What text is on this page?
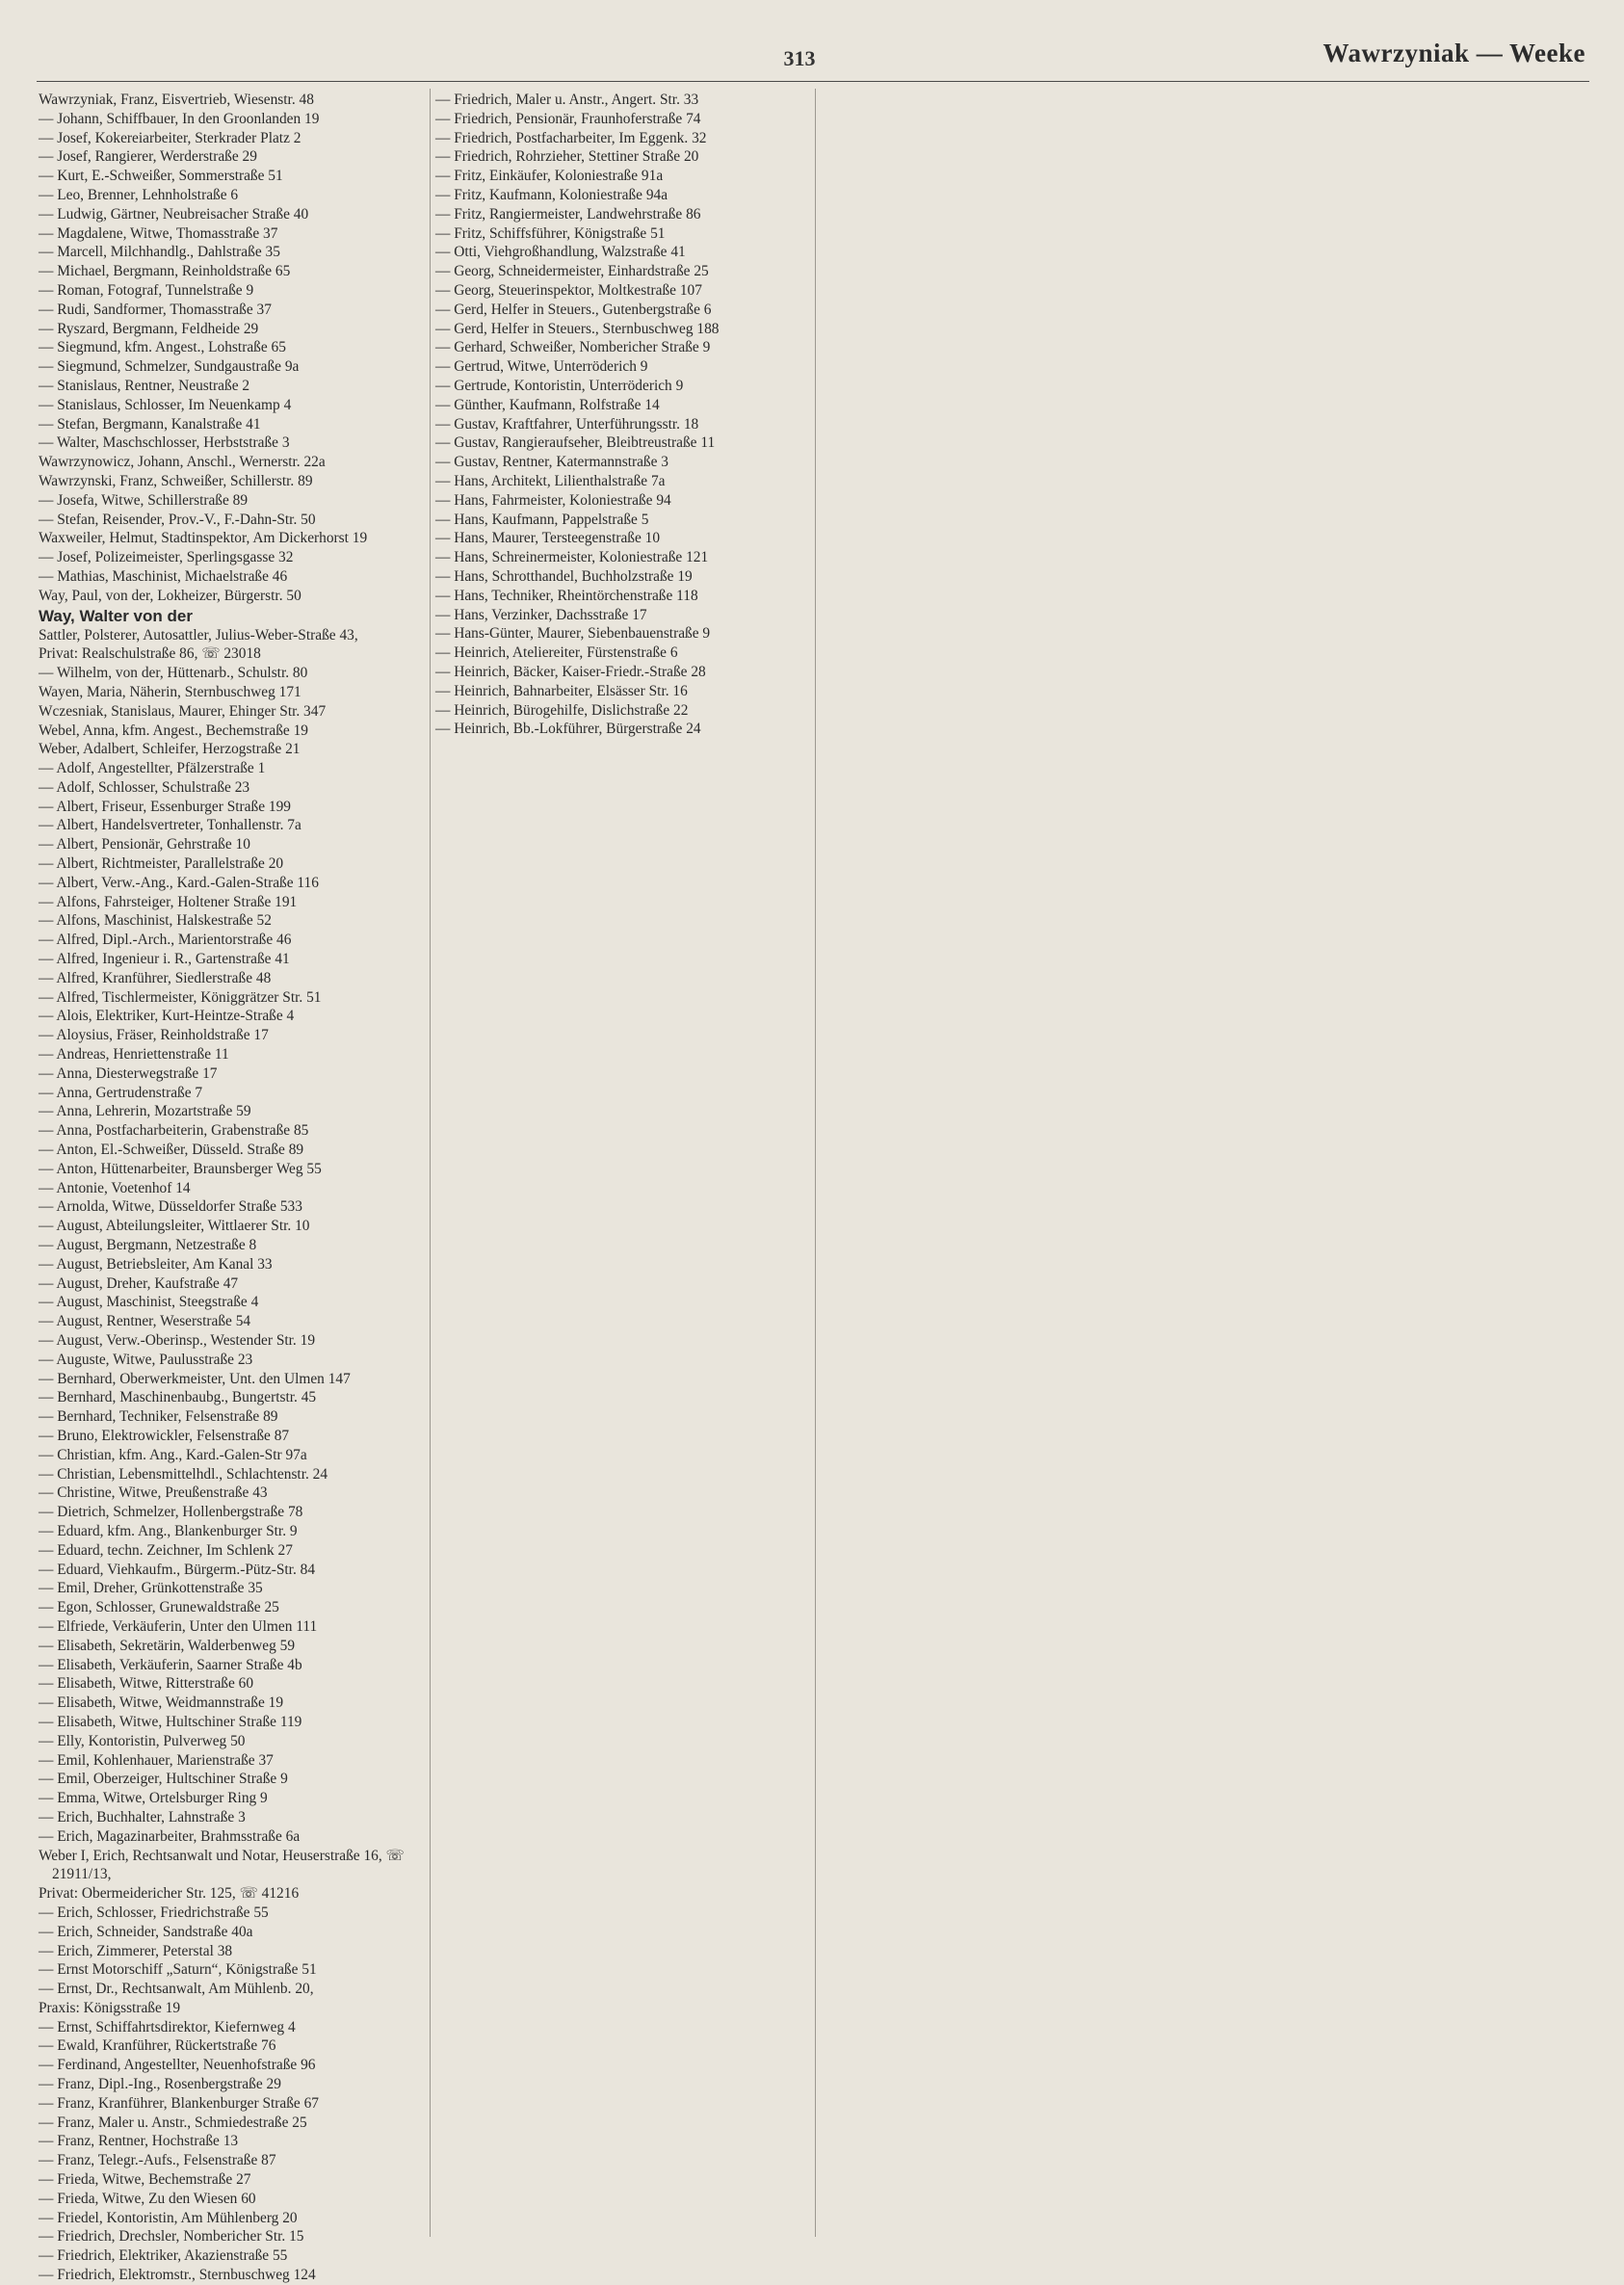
313	Wawrzyniak — Weeke
Wawrzyniak, Franz, Eisvertrieb, Wiesenstr. 48
— Johann, Schiffbauer, In den Groonlanden 19
— Josef, Kokereiarbeiter, Sterkrader Platz 2
— Josef, Rangierer, Werderstraße 29
— Kurt, E.-Schweißer, Sommerstraße 51
— Leo, Brenner, Lehnholstraße 6
— Ludwig, Gärtner, Neubreisacher Straße 40
— Magdalene, Witwe, Thomasstraße 37
— Marcell, Milchhandlg., Dahlstraße 35
— Michael, Bergmann, Reinholdstraße 65
— Roman, Fotograf, Tunnelstraße 9
— Rudi, Sandformer, Thomasstraße 37
— Ryszard, Bergmann, Feldheide 29
— Siegmund, kfm. Angest., Lohstraße 65
— Siegmund, Schmelzer, Sundgaustraße 9a
— Stanislaus, Rentner, Neustraße 2
— Stanislaus, Schlosser, Im Neuenkamp 4
— Stefan, Bergmann, Kanalstraße 41
— Walter, Maschschlosser, Herbststraße 3
Wawrzynowicz, Johann, Anschl., Wernerstr. 22a
Wawrzynski, Franz, Schweißer, Schillerstr. 89
— Josefa, Witwe, Schillerstraße 89
— Stefan, Reisender, Prov.-V., F.-Dahn-Str. 50
Waxweiler, Helmut, Stadtinspektor, Am Dickerhorst 19
— Josef, Polizeimeister, Sperlingsgasse 32
— Mathias, Maschinist, Michaelstraße 46
Way, Paul, von der, Lokheizer, Bürgerstr. 50
Way, Walter von der
Sattler, Polsterer, Autosattler, Julius-Weber-Straße 43,
Privat: Realschulstraße 86, ☏ 23018
— Wilhelm, von der, Hüttenarb., Schulstr. 80
Wayen, Maria, Näherin, Sternbuschweg 171
Wczesniak, Stanislaus, Maurer, Ehinger Str. 347
Webel, Anna, kfm. Angest., Bechemstraße 19
Weber, Adalbert, Schleifer, Herzogstraße 21
— Adolf, Angestellter, Pfälzerstraße 1
— Adolf, Schlosser, Schulstraße 23
— Albert, Friseur, Essenburger Straße 199
— Albert, Handelsvertreter, Tonhallenstr. 7a
— Albert, Pensionär, Gehrstraße 10
— Albert, Richtmeister, Parallelstraße 20
— Albert, Verw.-Ang., Kard.-Galen-Straße 116
— Alfons, Fahrsteiger, Holtener Straße 191
— Alfons, Maschinist, Halskestraße 52
— Alfred, Dipl.-Arch., Marientorstraße 46
— Alfred, Ingenieur i. R., Gartenstraße 41
— Alfred, Kranführer, Siedlerstraße 48
— Alfred, Tischlermeister, Königgrätzer Str. 51
— Alois, Elektriker, Kurt-Heintze-Straße 4
— Aloysius, Fräser, Reinholdstraße 17
— Andreas, Henriettenstraße 11
— Anna, Diesterwegstraße 17
— Anna, Gertrudenstraße 7
— Anna, Lehrerin, Mozartstraße 59
— Anna, Postfacharbeiterin, Grabenstraße 85
— Anton, El.-Schweißer, Düsseld. Straße 89
— Anton, Hüttenarbeiter, Braunsberger Weg 55
— Antonie, Voetenhof 14
— Arnolda, Witwe, Düsseldorfer Straße 533
— August, Abteilungsleiter, Wittlaerer Str. 10
— August, Bergmann, Netzestraße 8
— August, Betriebsleiter, Am Kanal 33
— August, Dreher, Kaufstraße 47
— August, Maschinist, Steegstraße 4
— August, Rentner, Weserstraße 54
— August, Verw.-Oberinsp., Westender Str. 19
— Auguste, Witwe, Paulusstraße 23
— Bernhard, Oberwerkmeister, Unt. den Ulmen 147
— Bernhard, Maschinenbaubg., Bungertstr. 45
— Bernhard, Techniker, Felsenstraße 89
— Bruno, Elektrowickler, Felsenstraße 87
— Christian, kfm. Ang., Kard.-Galen-Str 97a
— Christian, Lebensmittelhdl., Schlachtenstr. 24
— Christine, Witwe, Preußenstraße 43
— Dietrich, Schmelzer, Hollenbergstraße 78
— Eduard, kfm. Ang., Blankenburger Str. 9
— Eduard, techn. Zeichner, Im Schlenk 27
— Eduard, Viehkaufm., Bürgerm.-Pütz-Str. 84
— Emil, Dreher, Grünkottenstraße 35
— Egon, Schlosser, Grunewaldstraße 25
— Elfriede, Verkäuferin, Unter den Ulmen 111
— Elisabeth, Sekretärin, Walderbenweg 59
— Elisabeth, Verkäuferin, Saarner Straße 4b
— Elisabeth, Witwe, Ritterstraße 60
— Elisabeth, Witwe, Weidmannstraße 19
— Elisabeth, Witwe, Hultschiner Straße 119
— Elly, Kontoristin, Pulverweg 50
— Emil, Kohlenhauer, Marienstraße 37
— Emil, Oberzeiger, Hultschiner Straße 9
— Emma, Witwe, Ortelsburger Ring 9
— Erich, Buchhalter, Lahnstraße 3
— Erich, Magazinarbeiter, Brahmsstraße 6a
Weber I, Erich, Rechtsanwalt und Notar, Heuserstraße 16, ☏ 21911/13,
Privat: Obermeidericher Str. 125, ☏ 41216
— Erich, Schlosser, Friedrichstraße 55
— Erich, Schneider, Sandstraße 40a
— Erich, Zimmerer, Peterstal 38
— Ernst Motorschiff „Saturn“, Königstraße 51
— Ernst, Dr., Rechtsanwalt, Am Mühlenb. 20,
Praxis: Königsstraße 19
— Ernst, Schiffahrtsdirektor, Kiefernweg 4
— Ewald, Kranführer, Rückertstraße 76
— Ferdinand, Angestellter, Neuenhofstraße 96
— Franz, Dipl.-Ing., Rosenbergstraße 29
— Franz, Kranführer, Blankenburger Straße 67
— Franz, Maler u. Anstr., Schmiedestraße 25
— Franz, Rentner, Hochstraße 13
— Franz, Telegr.-Aufs., Felsenstraße 87
— Frieda, Witwe, Bechemstraße 27
— Frieda, Witwe, Zu den Wiesen 60
— Friedel, Kontoristin, Am Mühlenberg 20
— Friedrich, Drechsler, Nombericher Str. 15
— Friedrich, Elektriker, Akazienstraße 55
— Friedrich, Elektromstr., Sternbuschweg 124
— Friedrich, Maler u. Anstr., Angert. Str. 33
— Friedrich, Pensionär, Fraunhoferstraße 74
— Friedrich, Postfacharbeiter, Im Eggenk. 32
— Friedrich, Rohrzieher, Stettiner Straße 20
— Fritz, Einkäufer, Koloniestraße 91a
— Fritz, Kaufmann, Koloniestraße 94a
— Fritz, Rangiermeister, Landwehrstraße 86
— Fritz, Schiffsführer, Königstraße 51
— Otti, Viehgroßhandlung, Walzstraße 41
— Georg, Schneidermeister, Einhardstraße 25
— Georg, Steuerinspektor, Moltkestraße 107
— Gerd, Helfer in Steuers., Gutenbergstraße 6
— Gerd, Helfer in Steuers., Sternbuschweg 188
— Gerhard, Schweißer, Nombericher Straße 9
— Gertrud, Witwe, Unterröderich 9
— Gertrude, Kontoristin, Unterröderich 9
— Günther, Kaufmann, Rolfstraße 14
— Gustav, Kraftfahrer, Unterführungsstr. 18
— Gustav, Rangieraufseher, Bleibtreustraße 11
— Gustav, Rentner, Katermannstraße 3
— Hans, Architekt, Lilienthalstraße 7a
— Hans, Fahrmeister, Koloniestraße 94
— Hans, Kaufmann, Pappelstraße 5
— Hans, Maurer, Tersteegenstraße 10
— Hans, Schreinermeister, Koloniestraße 121
— Hans, Schrotthandel, Buchholzstraße 19
— Hans, Techniker, Rheintörchenstraße 118
— Hans, Verzinker, Dachsstraße 17
— Hans-Günter, Maurer, Siebenbauenstraße 9
— Heinrich, Ateliereiter, Fürstenstraße 6
— Heinrich, Bäcker, Kaiser-Friedr.-Straße 28
— Heinrich, Bahnarbeiter, Elsässer Str. 16
— Heinrich, Bürogehilfe, Dislichstraße 22
— Heinrich, Bb.-Lokführer, Bürgerstraße 24
